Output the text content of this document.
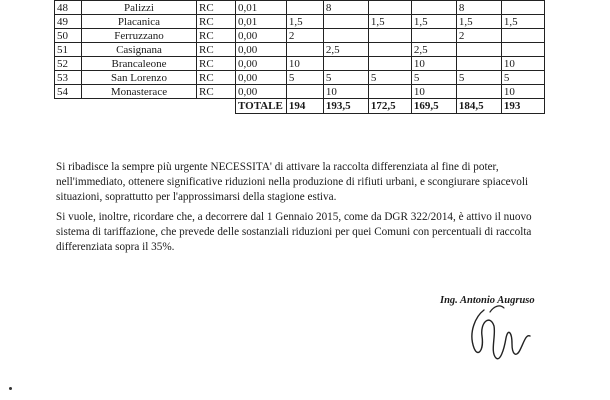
48	Palizzi	RC	0,01		8			8	
49	Placanica	RC	0,01	1,5		1,5	1,5	1,5	1,5
50	Ferruzzano	RC	0,00	2				2	
51	Casignana	RC	0,00		2,5		2,5		
52	Brancaleone	RC	0,00	10			10		10
53	San Lorenzo	RC	0,00	5	5	5	5	5	5
54	Monasterace	RC	0,00		10		10		10
			TOTALE	194	193,5	172,5	169,5	184,5	193
Si ribadisce la sempre più urgente NECESSITA' di attivare la raccolta differenziata al fine di poter,
nell'immediato, ottenere significative riduzioni nella produzione di rifiuti urbani, e scongiurare spiacevoli
situazioni, soprattutto per l'approssimarsi della stagione estiva.
Si vuole, inoltre, ricordare che, a decorrere dal 1 Gennaio 2015, come da DGR 322/2014, è attivo il nuovo
sistema di tariffazione, che prevede delle sostanziali riduzioni per quei Comuni con percentuali di raccolta
differenziata sopra il 35%.
Ing. Antonio Augruso
